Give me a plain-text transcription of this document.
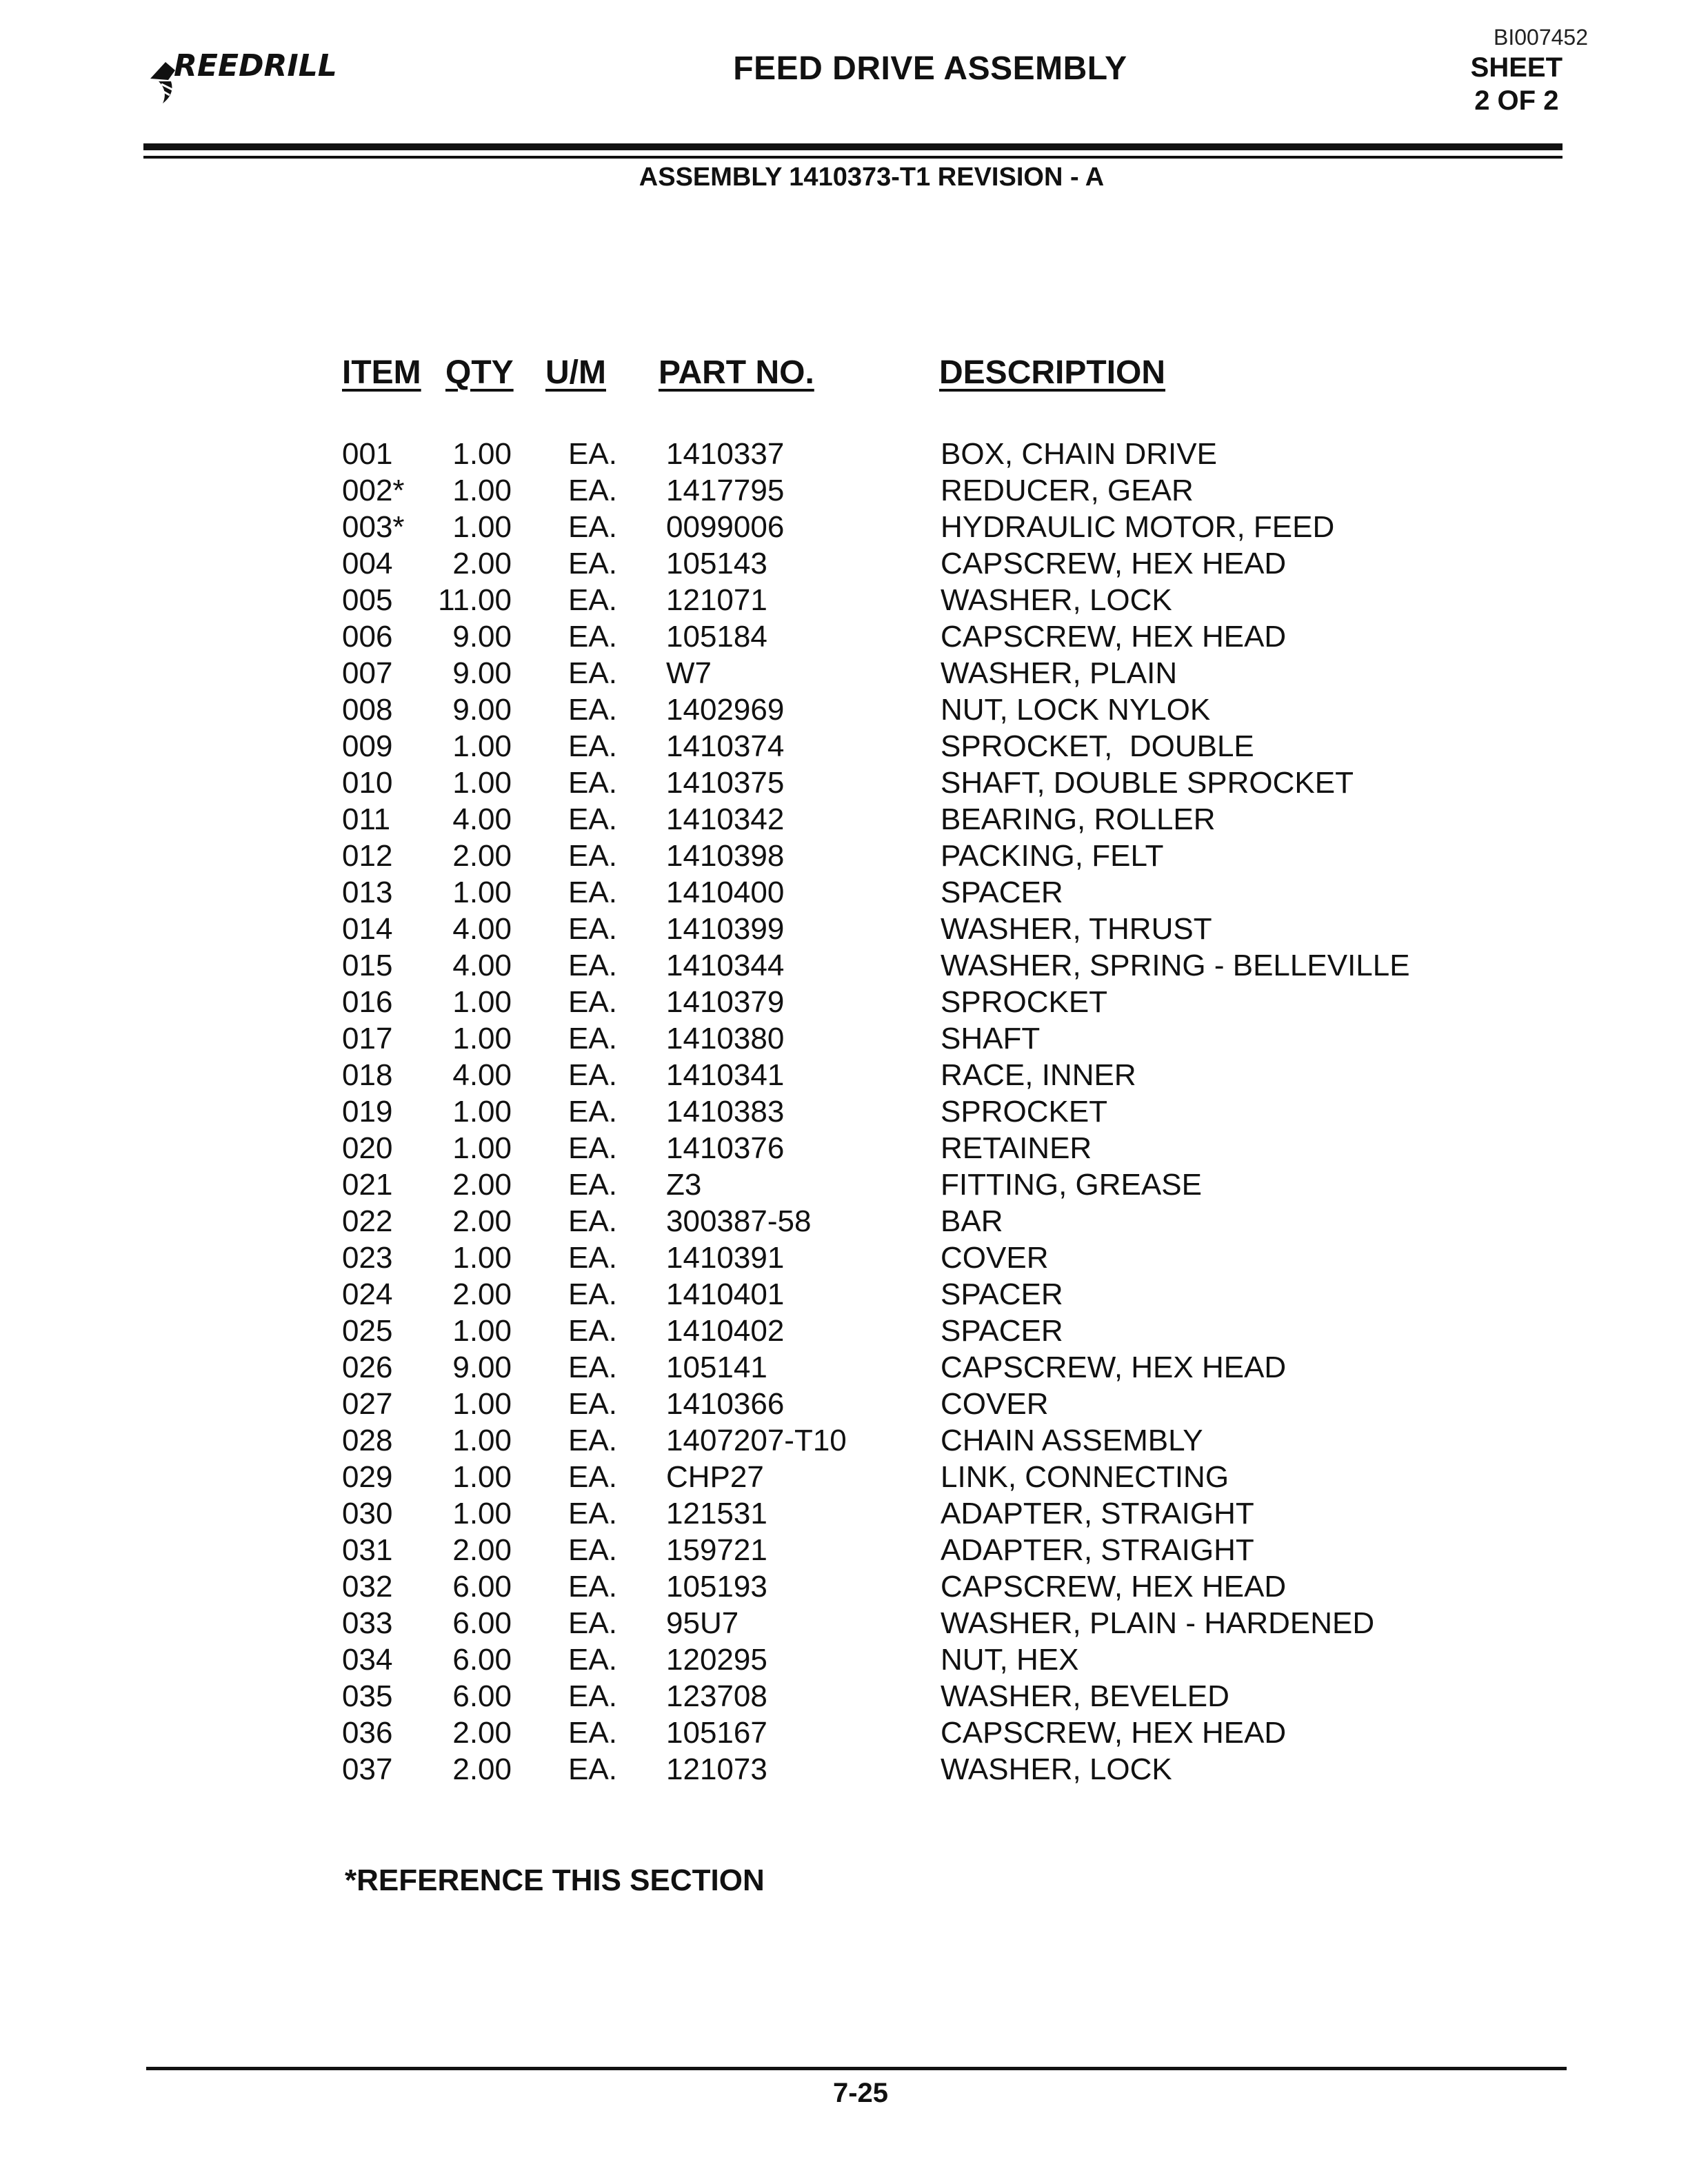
REEDRILL
BI007452
FEED DRIVE ASSEMBLY	SHEET
2 OF 2
ASSEMBLY 1410373-T1 REVISION - A
ITEM QTY U/M PART NO.	DESCRIPTION
001 1.00 EA. 1410337	BOX, CHAIN DRIVE
002* 1.00 EA. 1417795	REDUCER, GEAR
003* 1.00 EA. 0099006	HYDRAULIC MOTOR, FEED
004 2.00 EA. 105143	CAPSCREW, HEX HEAD
005 11.00 EA. 121071	WASHER, LOCK
006 9.00 EA. 105184	CAPSCREW, HEX HEAD
007 9.00 EA. W7	WASHER, PLAIN
008 9.00 EA. 1402969	NUT, LOCK NYLOK
009 1.00 EA. 1410374	SPROCKET,  DOUBLE
010 1.00 EA. 1410375	SHAFT, DOUBLE SPROCKET
011 4.00 EA. 1410342	BEARING, ROLLER
012 2.00 EA. 1410398	PACKING, FELT
013 1.00 EA. 1410400	SPACER
014 4.00 EA. 1410399	WASHER, THRUST
015 4.00 EA. 1410344	WASHER, SPRING - BELLEVILLE
016 1.00 EA. 1410379	SPROCKET
017 1.00 EA. 1410380	SHAFT
018 4.00 EA. 1410341	RACE, INNER
019 1.00 EA. 1410383	SPROCKET
020 1.00 EA. 1410376	RETAINER
021 2.00 EA. Z3	FITTING, GREASE
022 2.00 EA. 300387-58	BAR
023 1.00 EA. 1410391	COVER
024 2.00 EA. 1410401	SPACER
025 1.00 EA. 1410402	SPACER
026 9.00 EA. 105141	CAPSCREW, HEX HEAD
027 1.00 EA. 1410366	COVER
028 1.00 EA. 1407207-T10	CHAIN ASSEMBLY
029 1.00 EA. CHP27	LINK, CONNECTING
030 1.00 EA. 121531	ADAPTER, STRAIGHT
031 2.00 EA. 159721	ADAPTER, STRAIGHT
032 6.00 EA. 105193	CAPSCREW, HEX HEAD
033 6.00 EA. 95U7	WASHER, PLAIN - HARDENED
034 6.00 EA. 120295	NUT, HEX
035 6.00 EA. 123708	WASHER, BEVELED
036 2.00 EA. 105167	CAPSCREW, HEX HEAD
037 2.00 EA. 121073	WASHER, LOCK
*REFERENCE THIS SECTION
7-25
